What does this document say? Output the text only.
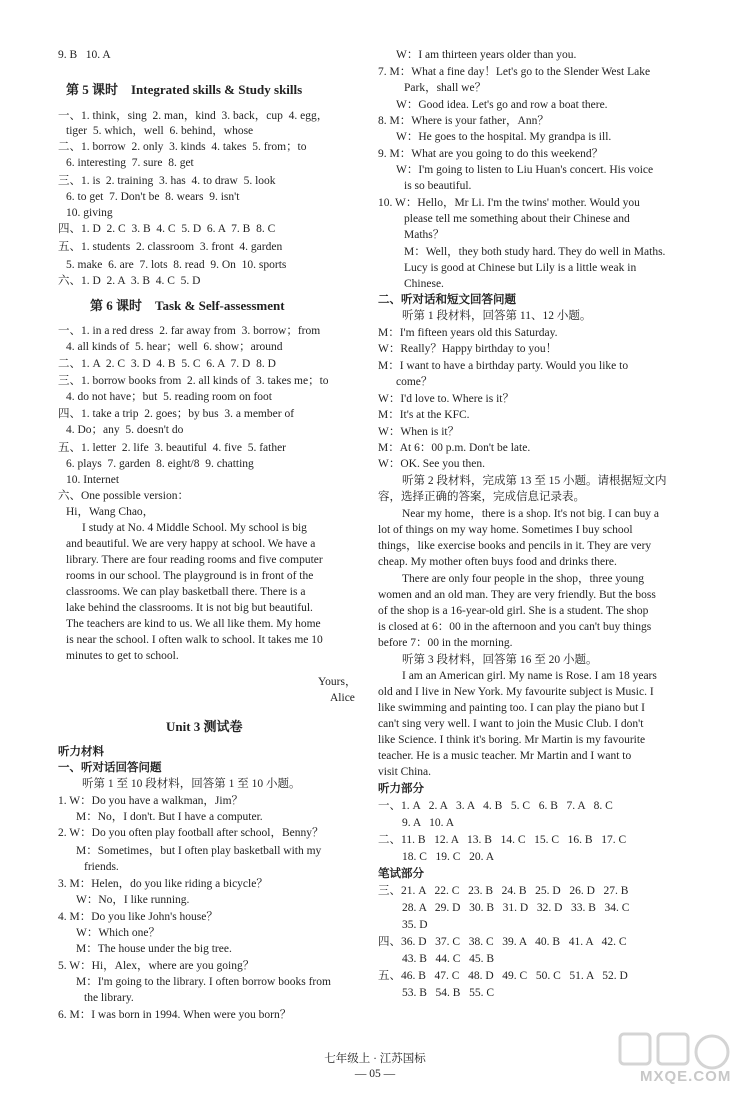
9. B   10. A
第 5 课时    Integrated skills & Study skills
一、1. think，sing  2. man，kind  3. back，cup  4. egg，
tiger  5. which，well  6. behind，whose
二、1. borrow  2. only  3. kinds  4. takes  5. from；to
6. interesting  7. sure  8. get
三、1. is  2. training  3. has  4. to draw  5. look
6. to get  7. Don't be  8. wears  9. isn't
10. giving
四、1. D  2. C  3. B  4. C  5. D  6. A  7. B  8. C
五、1. students  2. classroom  3. front  4. garden
5. make  6. are  7. lots  8. read  9. On  10. sports
六、1. D  2. A  3. B  4. C  5. D
第 6 课时    Task & Self-assessment
一、1. in a red dress  2. far away from  3. borrow；from
4. all kinds of  5. hear；well  6. show；around
二、1. A  2. C  3. D  4. B  5. C  6. A  7. D  8. D
三、1. borrow books from  2. all kinds of  3. takes me；to
4. do not have；but  5. reading room on foot
四、1. take a trip  2. goes；by bus  3. a member of
4. Do；any  5. doesn't do
五、1. letter  2. life  3. beautiful  4. five  5. father
6. plays  7. garden  8. eight/8  9. chatting
10. Internet
六、One possible version：
Hi，Wang Chao，
I study at No. 4 Middle School. My school is big
and beautiful. We are very happy at school. We have a
library. There are four reading rooms and five computer
rooms in our school. The playground is in front of the
classrooms. We can play basketball there. There is a
lake behind the classrooms. It is not big but beautiful.
The teachers are kind to us. We all like them. My home
is near the school. I often walk to school. It takes me 10
minutes to get to school.
Yours，
Alice
Unit 3 测试卷
听力材料
一、听对话回答问题
听第 1 至 10 段材料，回答第 1 至 10 小题。
1. W：Do you have a walkman，Jim？
M：No，I don't. But I have a computer.
2. W：Do you often play football after school，Benny？
M：Sometimes，but I often play basketball with my
friends.
3. M：Helen，do you like riding a bicycle？
W：No，I like running.
4. M：Do you like John's house？
W：Which one？
M：The house under the big tree.
5. W：Hi，Alex，where are you going？
M：I'm going to the library. I often borrow books from
the library.
6. M：I was born in 1994. When were you born？
W：I am thirteen years older than you.
7. M：What a fine day！Let's go to the Slender West Lake
Park，shall we？
W：Good idea. Let's go and row a boat there.
8. M：Where is your father，Ann？
W：He goes to the hospital. My grandpa is ill.
9. M：What are you going to do this weekend？
W：I'm going to listen to Liu Huan's concert. His voice
is so beautiful.
10. W：Hello，Mr Li. I'm the twins' mother. Would you
please tell me something about their Chinese and
Maths？
M：Well，they both study hard. They do well in Maths.
Lucy is good at Chinese but Lily is a little weak in
Chinese.
二、听对话和短文回答问题
听第 1 段材料，回答第 11、12 小题。
M：I'm fifteen years old this Saturday.
W：Really？Happy birthday to you！
M：I want to have a birthday party. Would you like to
come？
W：I'd love to. Where is it？
M：It's at the KFC.
W：When is it？
M：At 6：00 p.m. Don't be late.
W：OK. See you then.
听第 2 段材料，完成第 13 至 15 小题。请根据短文内
容，选择正确的答案，完成信息记录表。
Near my home，there is a shop. It's not big. I can buy a
lot of things on my way home. Sometimes I buy school
things，like exercise books and pencils in it. They are very
cheap. My mother often buys food and drinks there.
There are only four people in the shop，three young
women and an old man. They are very friendly. But the boss
of the shop is a 16-year-old girl. She is a student. The shop
is closed at 6：00 in the afternoon and you can't buy things
before 7：00 in the morning.
听第 3 段材料，回答第 16 至 20 小题。
I am an American girl. My name is Rose. I am 18 years
old and I live in New York. My favourite subject is Music. I
like swimming and painting too. I can play the piano but I
can't sing very well. I want to join the Music Club. I don't
like Science. I think it's boring. Mr Martin is my favourite
teacher. He is a music teacher. Mr Martin and I want to
visit China.
听力部分
一、1. A   2. A   3. A   4. B   5. C   6. B   7. A   8. C
9. A   10. A
二、11. B   12. A   13. B   14. C   15. C   16. B   17. C
18. C   19. C   20. A
笔试部分
三、21. A   22. C   23. B   24. B   25. D   26. D   27. B
28. A   29. D   30. B   31. D   32. D   33. B   34. C
35. D
四、36. D   37. C   38. C   39. A   40. B   41. A   42. C
43. B   44. C   45. B
五、46. B   47. C   48. D   49. C   50. C   51. A   52. D
53. B   54. B   55. C
七年级上 · 江苏国标
— 05 —	MXQE.COM
